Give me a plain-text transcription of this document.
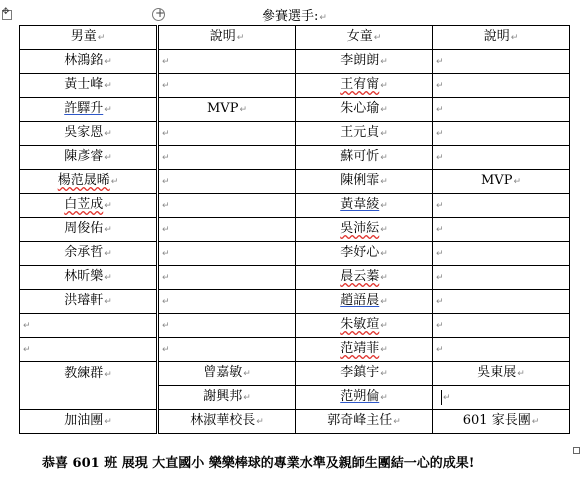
✥
+
參賽選手:↵
男童↵		說明↵	女童↵	說明↵
林鴻銘↵		↵	李朗朗↵	↵

黃士峰↵		↵	王宥甯↵	↵

許驛升↵		MVP↵	朱心瑜↵	↵

吳家恩↵		↵	王元貞↵	↵

陳彥睿↵		↵	蘇可忻↵	↵

楊范晟晞↵		↵	陳俐霏↵	MVP↵
白苙成↵		↵	黃韋綾↵	↵

周俊佑↵		↵	吳沛紜↵	↵

余承哲↵		↵	李妤心↵	↵

林昕樂↵		↵	晨云蓁↵	↵

洪璿軒↵		↵	趙語晨↵	↵

↵		↵	朱敏瑄↵	↵

↵		↵	范靖菲↵	↵

教練群↵		曾嘉敏↵	李鎮宇↵	吳東展↵
		謝興邦↵	范朔倫↵	↵

加油團↵		林淑華校長↵	郭奇峰主任↵	601 家長團↵
恭喜 601 班 展現 大直國小 樂樂棒球的專業水準及親師生團結一心的成果!
